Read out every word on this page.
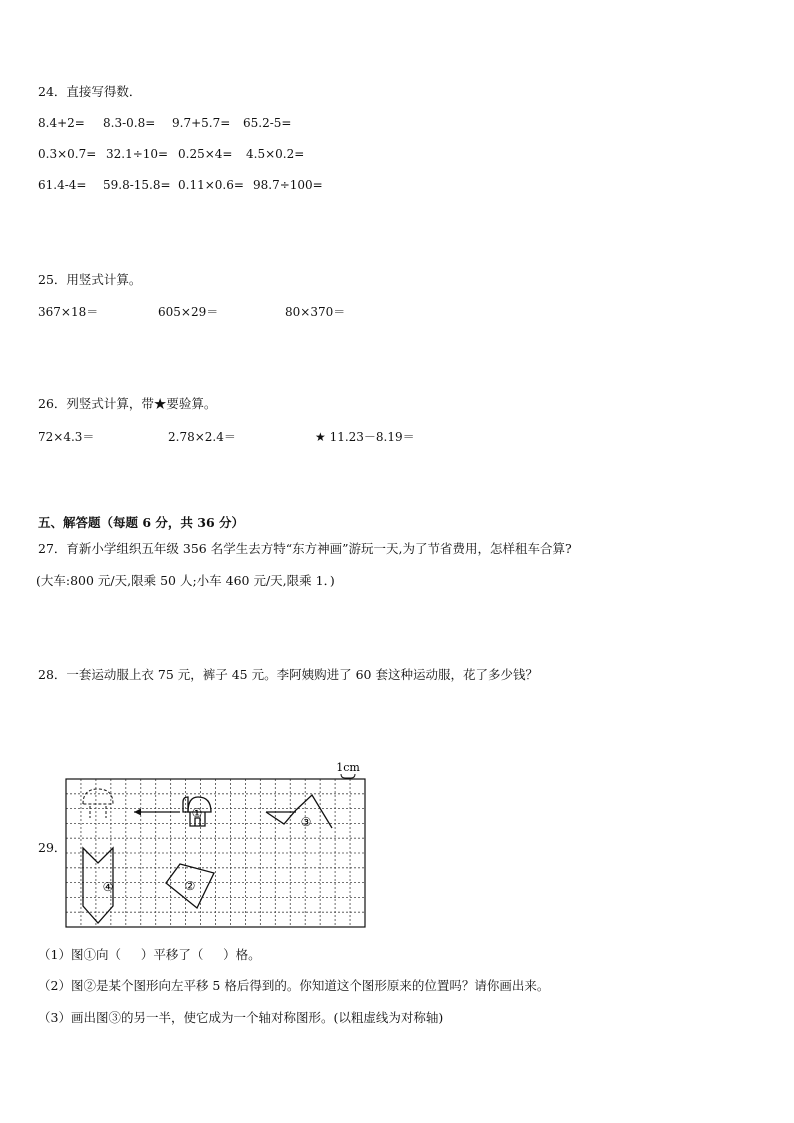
24．直接写得数．
8.4+2= 8.3-0.8= 9.7+5.7= 65.2-5=
0.3×0.7= 32.1÷10= 0.25×4= 4.5×0.2=
61.4-4= 59.8-15.8= 0.11×0.6= 98.7÷100=
25．用竖式计算。
367×18＝	605×29＝	80×370＝
26．列竖式计算，带★要验算。
72×4.3＝	2.78×2.4＝	★ 11.23－8.19＝
五、解答题（每题 6 分，共 36 分）
27．育新小学组织五年级 356 名学生去方特“东方神画”游玩一天,为了节省费用，怎样租车合算?
(大车:800 元/天,限乘 50 人;小车 460 元/天,限乘 1．)
28．一套运动服上衣 75 元，裤子 45 元。李阿姨购进了 60 套这种运动服，花了多少钱？
29．
1cm
①
③
④	②
（1）图①向（     ）平移了（     ）格。
（2）图②是某个图形向左平移 5 格后得到的。你知道这个图形原来的位置吗？请你画出来。
（3）画出图③的另一半，使它成为一个轴对称图形。(以粗虚线为对称轴)
